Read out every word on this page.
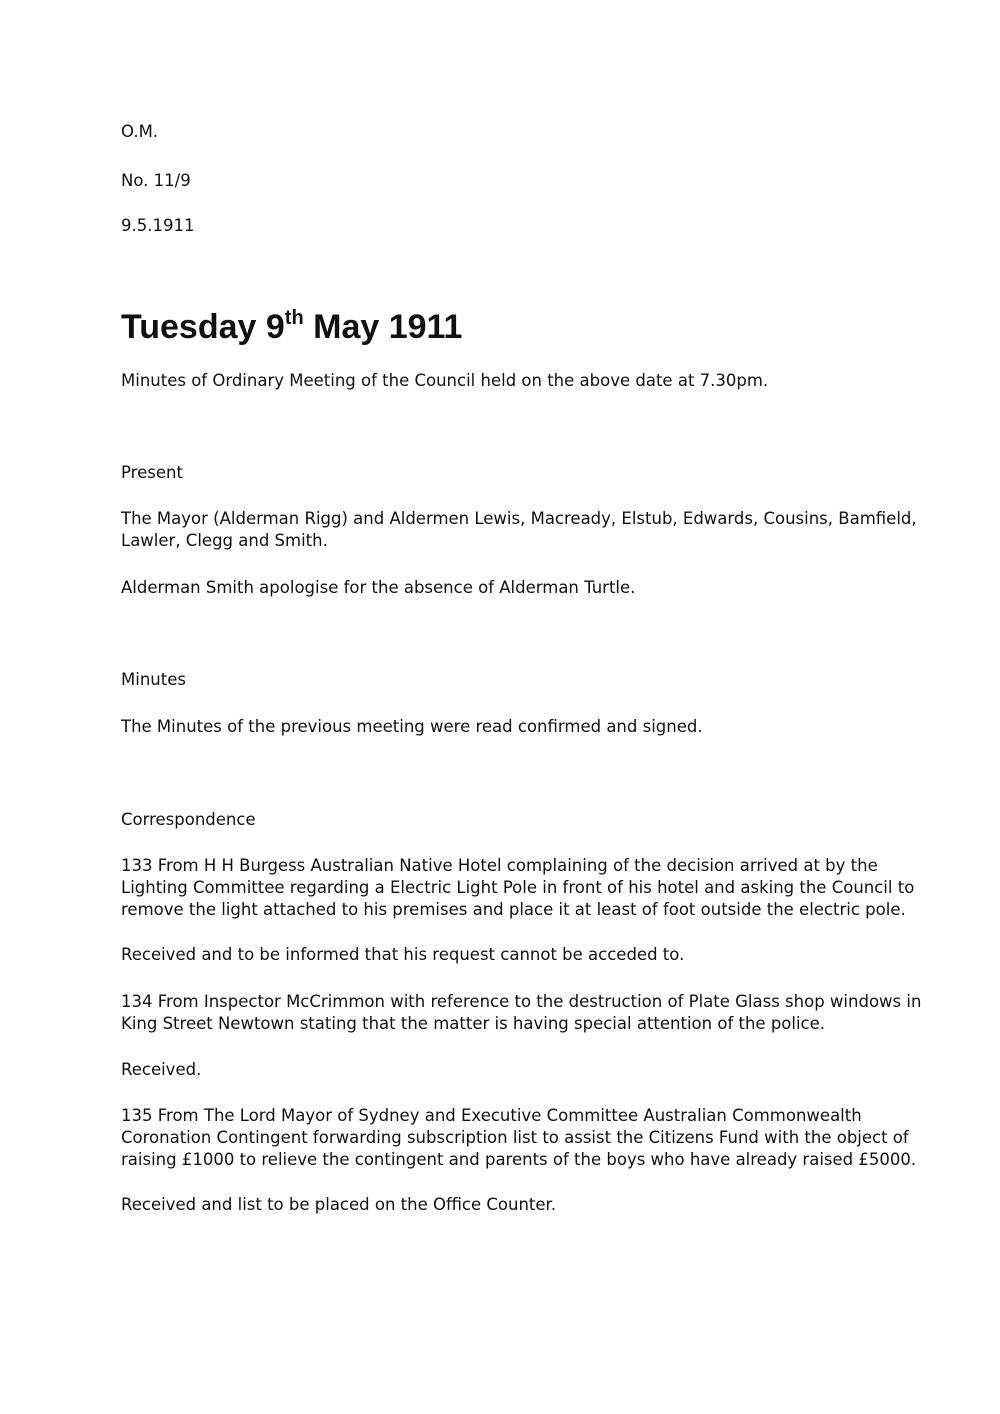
O.M.

No. 11/9

9.5.1911

Tuesday 9th May 1911

Minutes of Ordinary Meeting of the Council held on the above date at 7.30pm.

Present

The Mayor (Alderman Rigg) and Aldermen Lewis, Macready, Elstub, Edwards, Cousins, Bamfield,
Lawler, Clegg and Smith.

Alderman Smith apologise for the absence of Alderman Turtle.

Minutes

The Minutes of the previous meeting were read confirmed and signed.

Correspondence

133 From H H Burgess Australian Native Hotel complaining of the decision arrived at by the
Lighting Committee regarding a Electric Light Pole in front of his hotel and asking the Council to
remove the light attached to his premises and place it at least of foot outside the electric pole.

Received and to be informed that his request cannot be acceded to.

134 From Inspector McCrimmon with reference to the destruction of Plate Glass shop windows in
King Street Newtown stating that the matter is having special attention of the police.

Received.

135 From The Lord Mayor of Sydney and Executive Committee Australian Commonwealth
Coronation Contingent forwarding subscription list to assist the Citizens Fund with the object of
raising £1000 to relieve the contingent and parents of the boys who have already raised £5000.

Received and list to be placed on the Office Counter.
